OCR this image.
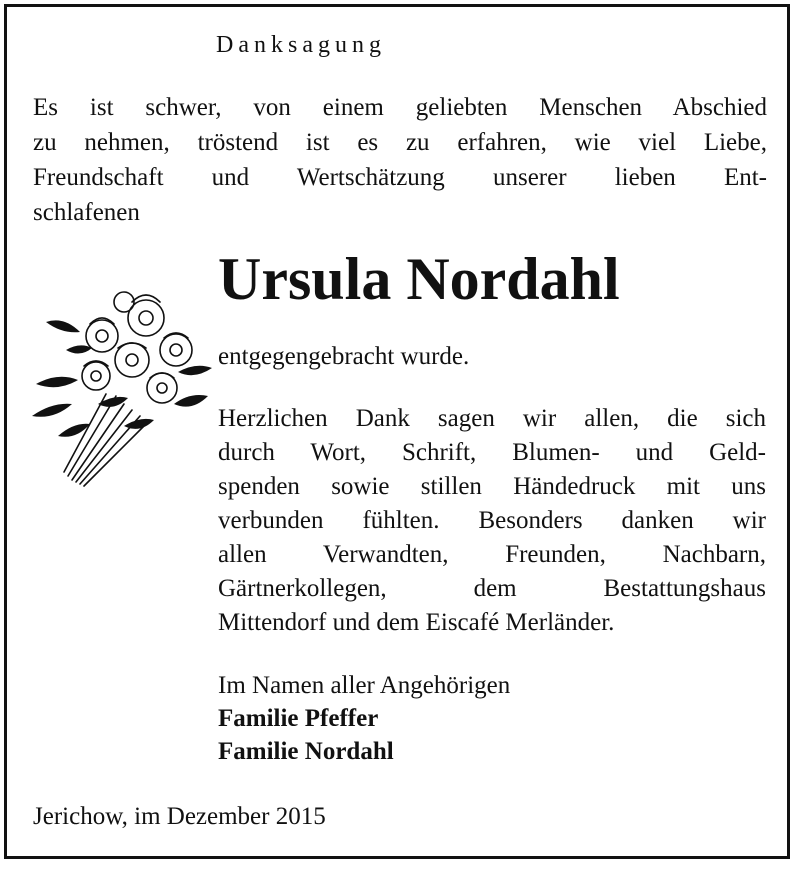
Danksagung
Es ist schwer, von einem geliebten Menschen Abschied
zu nehmen, tröstend ist es zu erfahren, wie viel Liebe,
Freundschaft und Wertschätzung unserer lieben Ent-
schlafenen
Ursula Nordahl
entgegengebracht wurde.
Herzlichen Dank sagen wir allen, die sich
durch Wort, Schrift, Blumen- und Geld-
spenden sowie stillen Händedruck mit uns
verbunden fühlten. Besonders danken wir
allen Verwandten, Freunden, Nachbarn,
Gärtnerkollegen, dem Bestattungshaus
Mittendorf und dem Eiscafé Merländer.
Im Namen aller Angehörigen
Familie Pfeffer
Familie Nordahl
Jerichow, im Dezember 2015
